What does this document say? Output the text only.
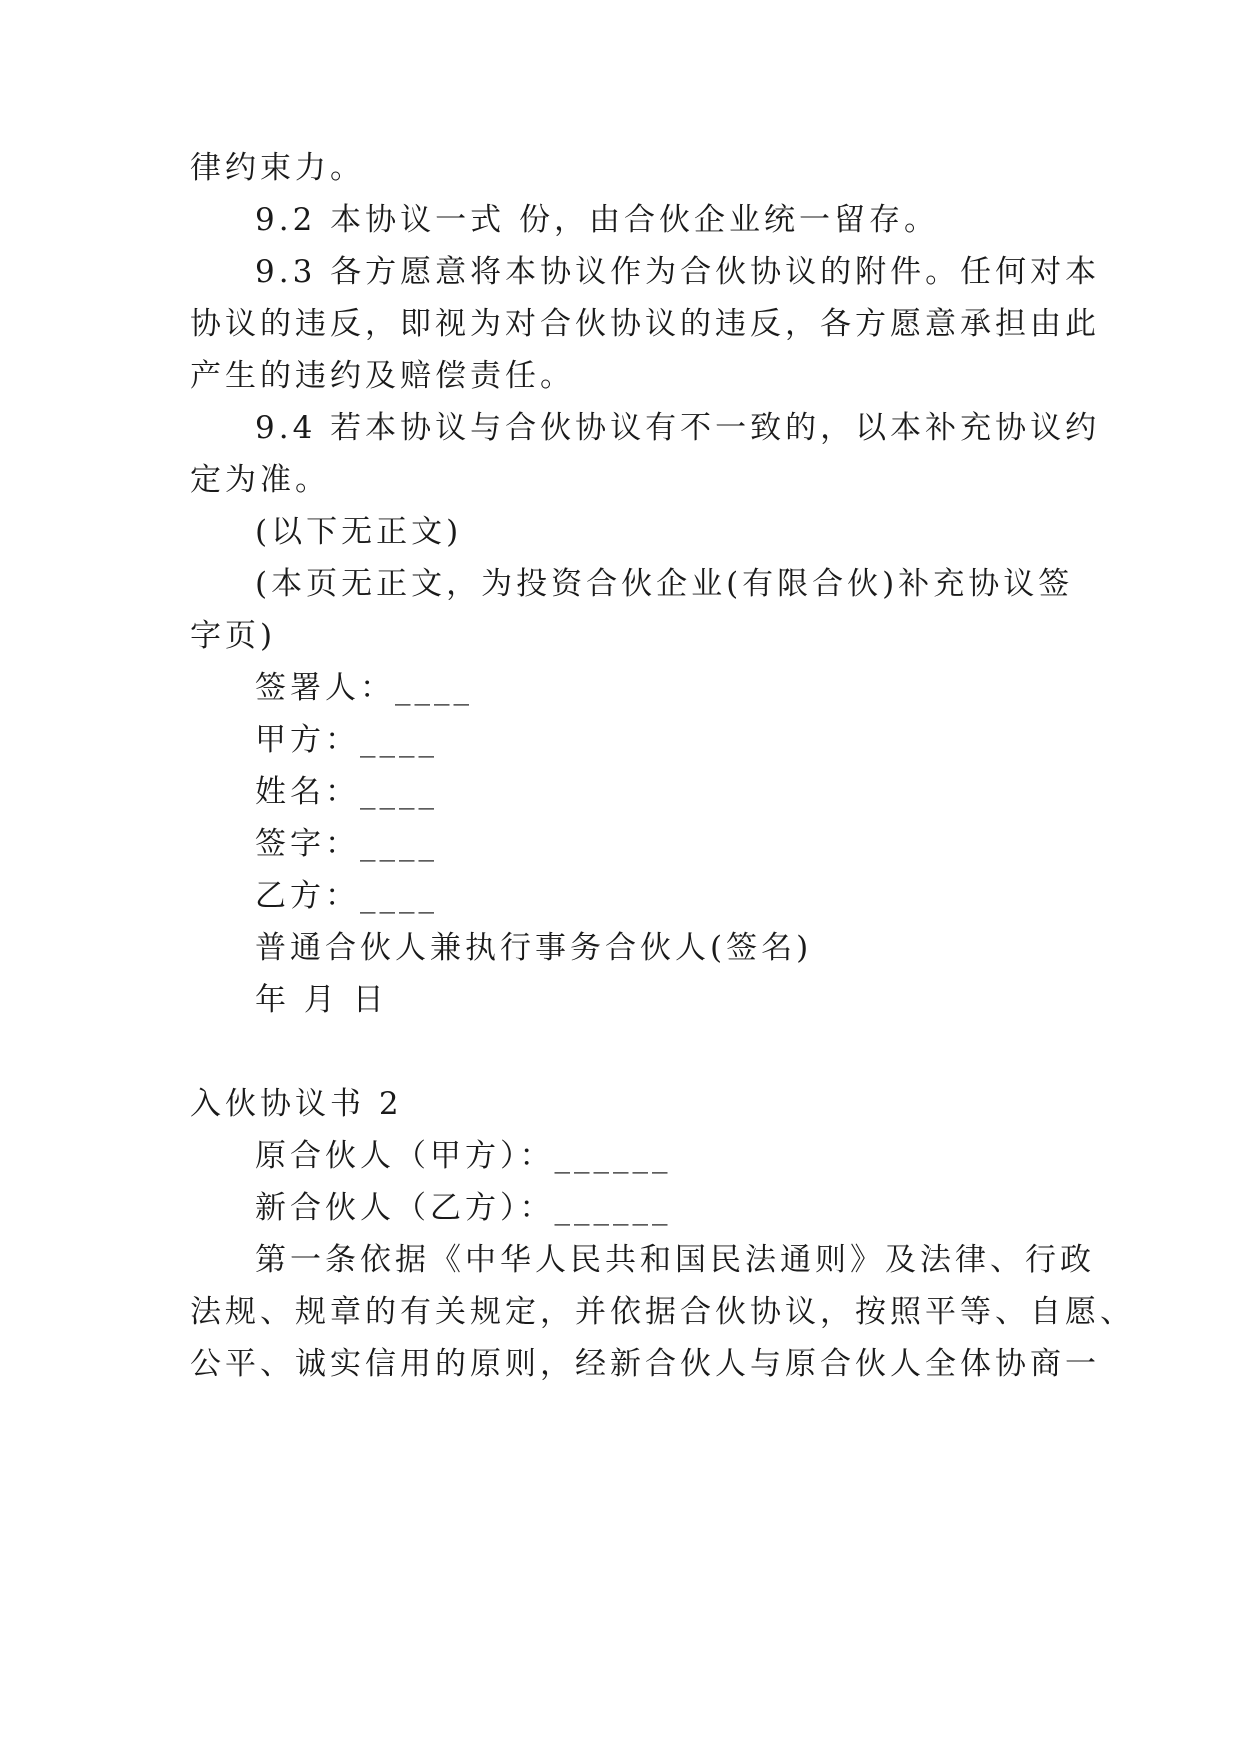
律约束力。
9.2 本协议一式 份，由合伙企业统一留存。
9.3 各方愿意将本协议作为合伙协议的附件。任何对本
协议的违反，即视为对合伙协议的违反，各方愿意承担由此
产生的违约及赔偿责任。
9.4 若本协议与合伙协议有不一致的，以本补充协议约
定为准。
(以下无正文)
(本页无正文，为投资合伙企业(有限合伙)补充协议签
字页)
签署人：____
甲方：____
姓名：____
签字：____
乙方：____
普通合伙人兼执行事务合伙人(签名)
年 月 日
入伙协议书 2
原合伙人（甲方）：______
新合伙人（乙方）：______
第一条依据《中华人民共和国民法通则》及法律、行政
法规、规章的有关规定，并依据合伙协议，按照平等、自愿、
公平、诚实信用的原则，经新合伙人与原合伙人全体协商一
